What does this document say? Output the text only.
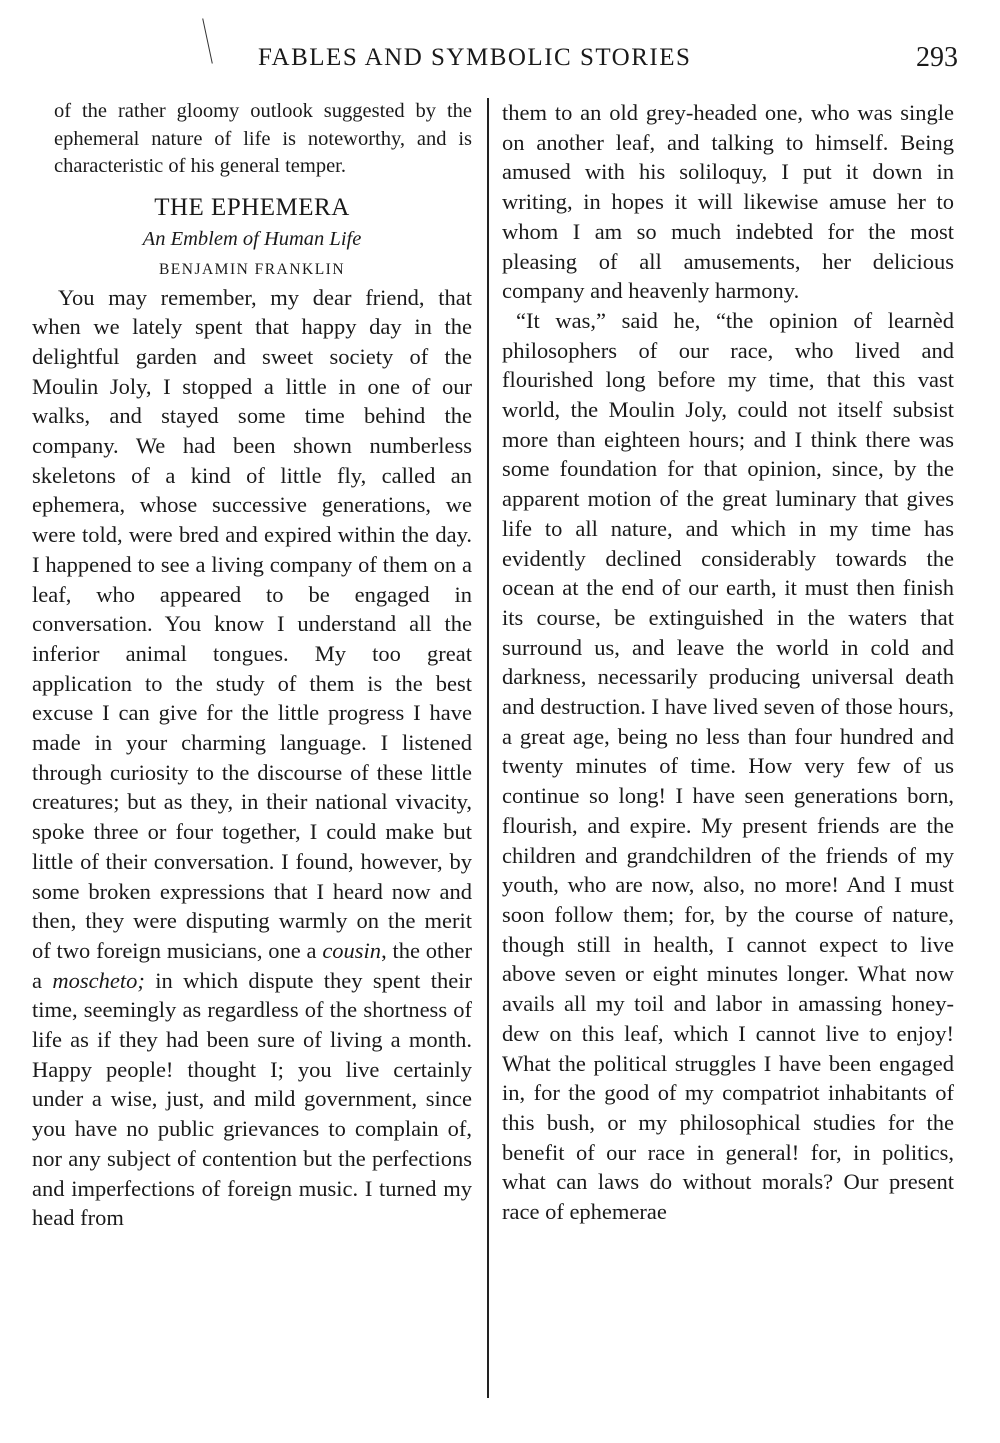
FABLES AND SYMBOLIC STORIES	293

of the rather gloomy outlook suggested by the ephemeral nature of life is noteworthy, and is characteristic of his general temper.

THE EPHEMERA
An Emblem of Human Life
BENJAMIN FRANKLIN

You may remember, my dear friend, that when we lately spent that happy day in the delightful garden and sweet society of the Moulin Joly, I stopped a little in one of our walks, and stayed some time behind the company. We had been shown numberless skeletons of a kind of little fly, called an ephemera, whose successive generations, we were told, were bred and expired within the day. I happened to see a living company of them on a leaf, who appeared to be engaged in conversation. You know I understand all the inferior animal tongues. My too great application to the study of them is the best excuse I can give for the little progress I have made in your charming language. I listened through curiosity to the discourse of these little creatures; but as they, in their national vivacity, spoke three or four together, I could make but little of their conversation. I found, however, by some broken expressions that I heard now and then, they were disputing warmly on the merit of two foreign musicians, one a cousin, the other a moscheto; in which dispute they spent their time, seemingly as regardless of the shortness of life as if they had been sure of living a month. Happy people! thought I; you live certainly under a wise, just, and mild government, since you have no public grievances to complain of, nor any subject of contention but the perfections and imperfections of foreign music. I turned my head from

them to an old grey-headed one, who was single on another leaf, and talking to himself. Being amused with his soliloquy, I put it down in writing, in hopes it will likewise amuse her to whom I am so much indebted for the most pleasing of all amusements, her delicious company and heavenly harmony.

“It was,” said he, “the opinion of learnèd philosophers of our race, who lived and flourished long before my time, that this vast world, the Moulin Joly, could not itself subsist more than eighteen hours; and I think there was some foundation for that opinion, since, by the apparent motion of the great luminary that gives life to all nature, and which in my time has evidently declined considerably towards the ocean at the end of our earth, it must then finish its course, be extinguished in the waters that surround us, and leave the world in cold and darkness, necessarily producing universal death and destruction. I have lived seven of those hours, a great age, being no less than four hundred and twenty minutes of time. How very few of us continue so long! I have seen generations born, flourish, and expire. My present friends are the children and grandchildren of the friends of my youth, who are now, also, no more! And I must soon follow them; for, by the course of nature, though still in health, I cannot expect to live above seven or eight minutes longer. What now avails all my toil and labor in amassing honey-dew on this leaf, which I cannot live to enjoy! What the political struggles I have been engaged in, for the good of my compatriot inhabitants of this bush, or my philosophical studies for the benefit of our race in general! for, in politics, what can laws do without morals? Our present race of ephemerae
